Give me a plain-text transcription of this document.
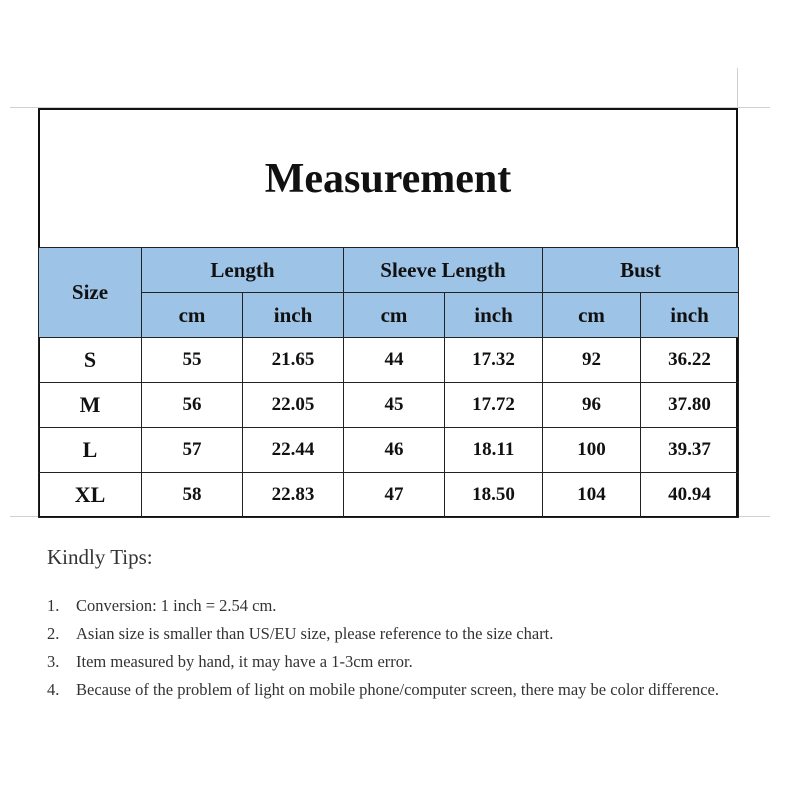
Measurement
Size	Length		Sleeve Length		Bust	
	cm	inch	cm	inch	cm	inch
S	55	21.65	44	17.32	92	36.22
M	56	22.05	45	17.72	96	37.80
L	57	22.44	46	18.11	100	39.37
XL	58	22.83	47	18.50	104	40.94
Kindly Tips:
1. Conversion: 1 inch = 2.54 cm.
2. Asian size is smaller than US/EU size, please reference to the size chart.
3. Item measured by hand, it may have a 1-3cm error.
4. Because of the problem of light on mobile phone/computer screen, there may be color difference.
